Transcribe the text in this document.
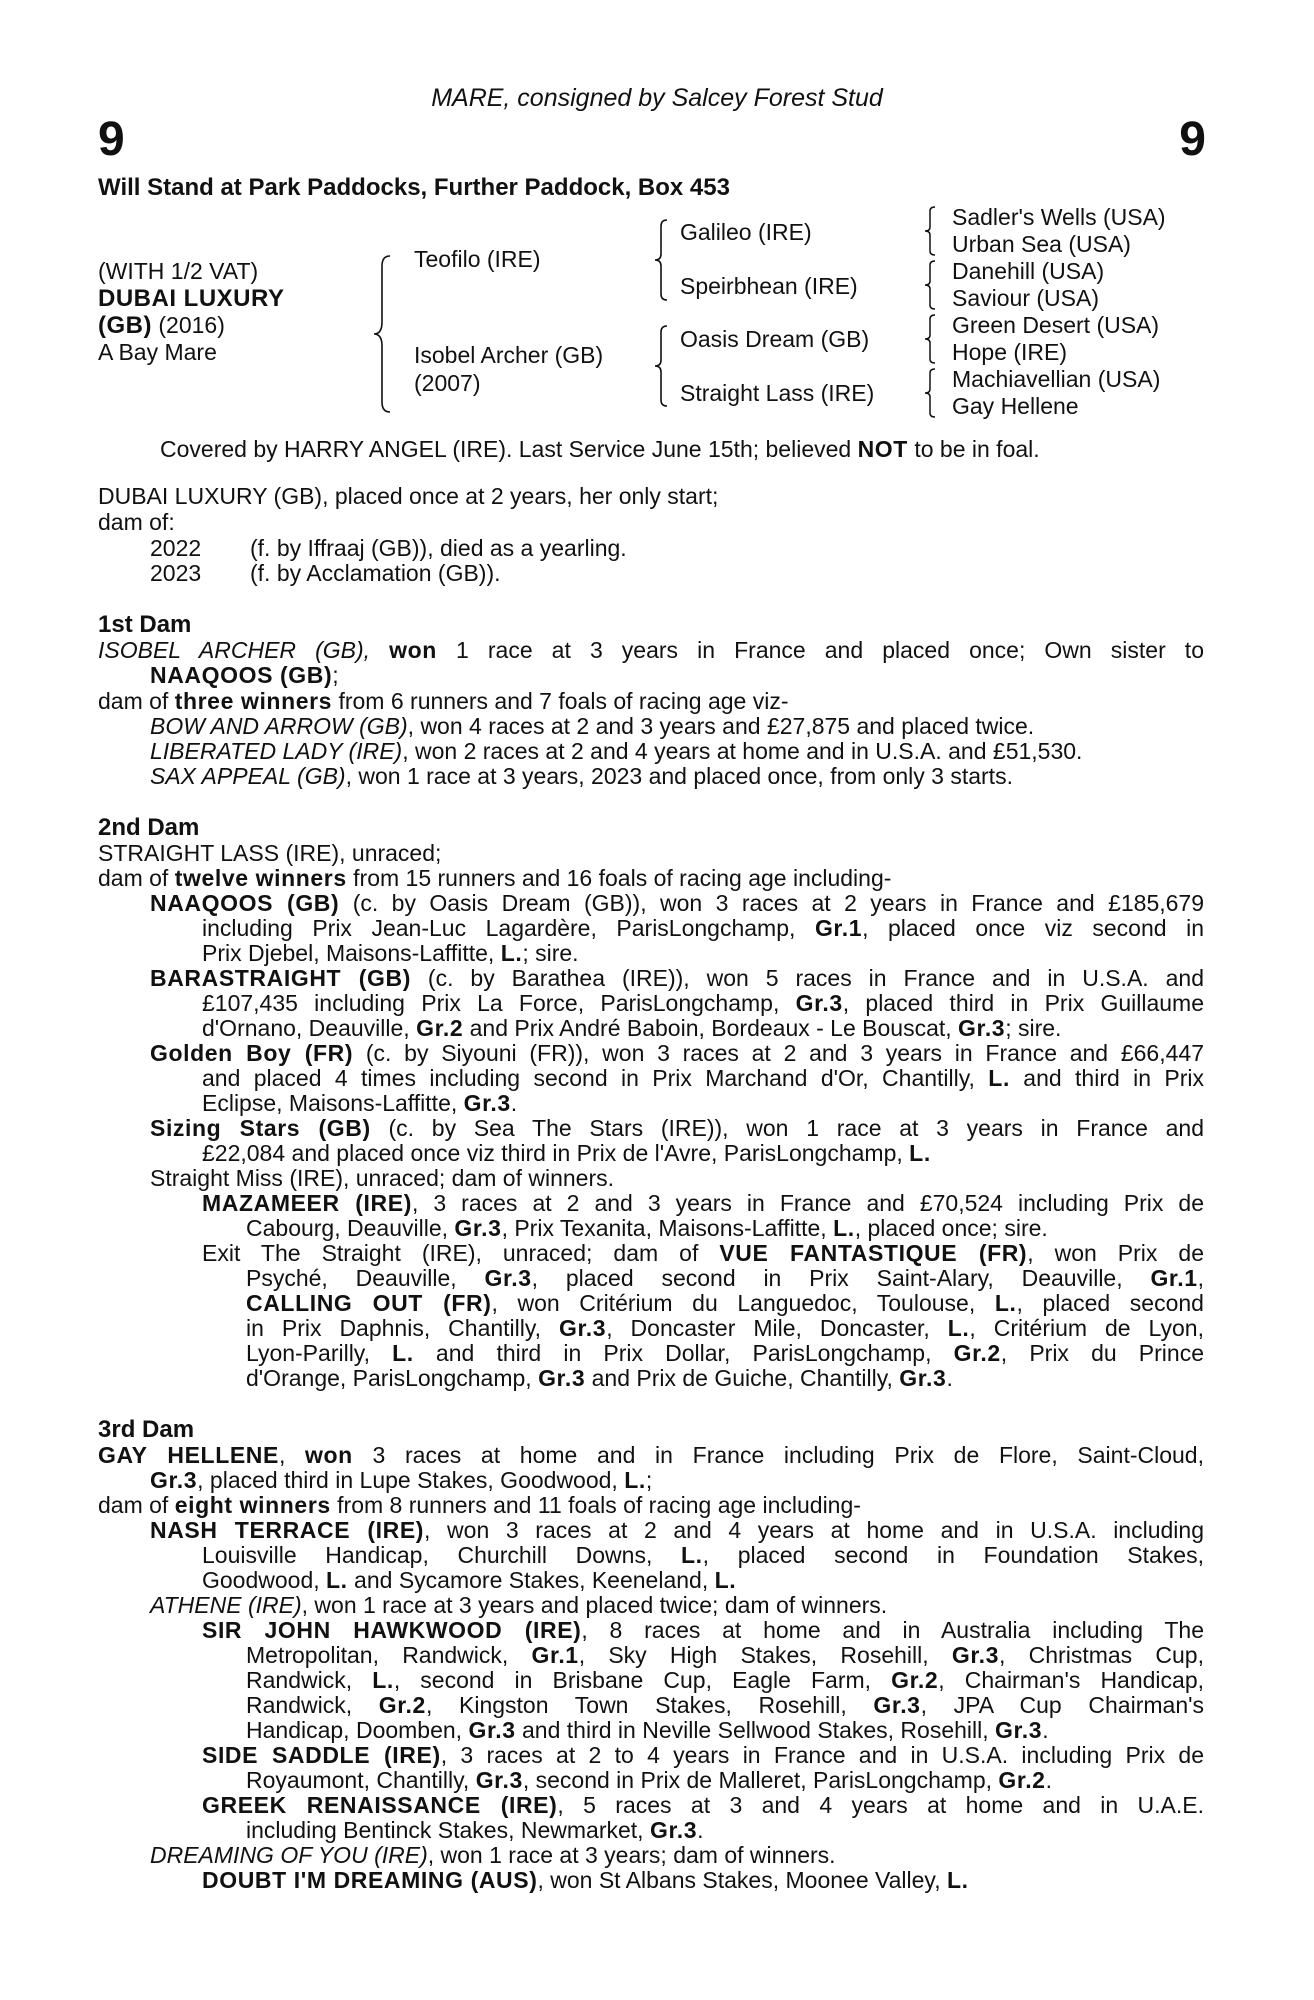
MARE, consigned by Salcey Forest Stud
9	9
Will Stand at Park Paddocks, Further Paddock, Box 453
(WITH 1/2 VAT)
DUBAI LUXURY
(GB) (2016)
A Bay Mare
Teofilo (IRE)
Isobel Archer (GB)
(2007)
Galileo (IRE)
Speirbhean (IRE)
Oasis Dream (GB)
Straight Lass (IRE)
Sadler's Wells (USA)
Urban Sea (USA)
Danehill (USA)
Saviour (USA)
Green Desert (USA)
Hope (IRE)
Machiavellian (USA)
Gay Hellene
Covered by HARRY ANGEL (IRE). Last Service June 15th; believed NOT to be in foal.
DUBAI LUXURY (GB), placed once at 2 years, her only start;
dam of:
2022 (f. by Iffraaj (GB)), died as a yearling.
2023 (f. by Acclamation (GB)).
1st Dam
ISOBEL ARCHER (GB), won 1 race at 3 years in France and placed once; Own sister to
NAAQOOS (GB);
dam of three winners from 6 runners and 7 foals of racing age viz-
BOW AND ARROW (GB), won 4 races at 2 and 3 years and £27,875 and placed twice.
LIBERATED LADY (IRE), won 2 races at 2 and 4 years at home and in U.S.A. and £51,530.
SAX APPEAL (GB), won 1 race at 3 years, 2023 and placed once, from only 3 starts.
2nd Dam
STRAIGHT LASS (IRE), unraced;
dam of twelve winners from 15 runners and 16 foals of racing age including-
NAAQOOS (GB) (c. by Oasis Dream (GB)), won 3 races at 2 years in France and £185,679
including Prix Jean-Luc Lagardère, ParisLongchamp, Gr.1, placed once viz second in
Prix Djebel, Maisons-Laffitte, L.; sire.
BARASTRAIGHT (GB) (c. by Barathea (IRE)), won 5 races in France and in U.S.A. and
£107,435 including Prix La Force, ParisLongchamp, Gr.3, placed third in Prix Guillaume
d'Ornano, Deauville, Gr.2 and Prix André Baboin, Bordeaux - Le Bouscat, Gr.3; sire.
Golden Boy (FR) (c. by Siyouni (FR)), won 3 races at 2 and 3 years in France and £66,447
and placed 4 times including second in Prix Marchand d'Or, Chantilly, L. and third in Prix
Eclipse, Maisons-Laffitte, Gr.3.
Sizing Stars (GB) (c. by Sea The Stars (IRE)), won 1 race at 3 years in France and
£22,084 and placed once viz third in Prix de l'Avre, ParisLongchamp, L.
Straight Miss (IRE), unraced; dam of winners.
MAZAMEER (IRE), 3 races at 2 and 3 years in France and £70,524 including Prix de
Cabourg, Deauville, Gr.3, Prix Texanita, Maisons-Laffitte, L., placed once; sire.
Exit The Straight (IRE), unraced; dam of VUE FANTASTIQUE (FR), won Prix de
Psyché, Deauville, Gr.3, placed second in Prix Saint-Alary, Deauville, Gr.1,
CALLING OUT (FR), won Critérium du Languedoc, Toulouse, L., placed second
in Prix Daphnis, Chantilly, Gr.3, Doncaster Mile, Doncaster, L., Critérium de Lyon,
Lyon-Parilly, L. and third in Prix Dollar, ParisLongchamp, Gr.2, Prix du Prince
d'Orange, ParisLongchamp, Gr.3 and Prix de Guiche, Chantilly, Gr.3.
3rd Dam
GAY HELLENE, won 3 races at home and in France including Prix de Flore, Saint-Cloud,
Gr.3, placed third in Lupe Stakes, Goodwood, L.;
dam of eight winners from 8 runners and 11 foals of racing age including-
NASH TERRACE (IRE), won 3 races at 2 and 4 years at home and in U.S.A. including
Louisville Handicap, Churchill Downs, L., placed second in Foundation Stakes,
Goodwood, L. and Sycamore Stakes, Keeneland, L.
ATHENE (IRE), won 1 race at 3 years and placed twice; dam of winners.
SIR JOHN HAWKWOOD (IRE), 8 races at home and in Australia including The
Metropolitan, Randwick, Gr.1, Sky High Stakes, Rosehill, Gr.3, Christmas Cup,
Randwick, L., second in Brisbane Cup, Eagle Farm, Gr.2, Chairman's Handicap,
Randwick, Gr.2, Kingston Town Stakes, Rosehill, Gr.3, JPA Cup Chairman's
Handicap, Doomben, Gr.3 and third in Neville Sellwood Stakes, Rosehill, Gr.3.
SIDE SADDLE (IRE), 3 races at 2 to 4 years in France and in U.S.A. including Prix de
Royaumont, Chantilly, Gr.3, second in Prix de Malleret, ParisLongchamp, Gr.2.
GREEK RENAISSANCE (IRE), 5 races at 3 and 4 years at home and in U.A.E.
including Bentinck Stakes, Newmarket, Gr.3.
DREAMING OF YOU (IRE), won 1 race at 3 years; dam of winners.
DOUBT I'M DREAMING (AUS), won St Albans Stakes, Moonee Valley, L.
